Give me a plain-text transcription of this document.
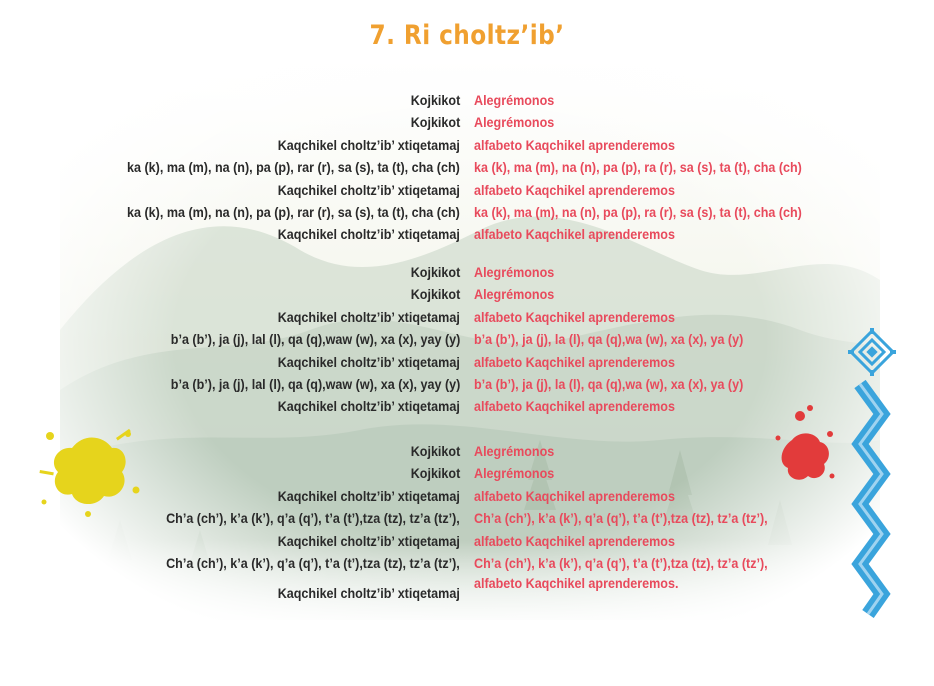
7. Ri choltz’ib’
Kojkikot Alegrémonos
Kojkikot Alegrémonos
Kaqchikel choltz’ib’ xtiqetamaj alfabeto Kaqchikel aprenderemos
ka (k), ma (m), na (n), pa (p), rar (r), sa (s), ta (t), cha (ch) ka (k), ma (m), na (n), pa (p), ra (r), sa (s), ta (t), cha (ch)
Kaqchikel choltz’ib’ xtiqetamaj alfabeto Kaqchikel aprenderemos
ka (k), ma (m), na (n), pa (p), rar (r), sa (s), ta (t), cha (ch) ka (k), ma (m), na (n), pa (p), ra (r), sa (s), ta (t), cha (ch)
Kaqchikel choltz’ib’ xtiqetamaj alfabeto Kaqchikel aprenderemos
Kojkikot Alegrémonos
Kojkikot Alegrémonos
Kaqchikel choltz’ib’ xtiqetamaj alfabeto Kaqchikel aprenderemos
b’a (b’), ja (j), lal (l), qa (q),waw (w), xa (x), yay (y) b’a (b’), ja (j), la (l), qa (q),wa (w), xa (x), ya (y)
Kaqchikel choltz’ib’ xtiqetamaj alfabeto Kaqchikel aprenderemos
b’a (b’), ja (j), lal (l), qa (q),waw (w), xa (x), yay (y) b’a (b’), ja (j), la (l), qa (q),wa (w), xa (x), ya (y)
Kaqchikel choltz’ib’ xtiqetamaj alfabeto Kaqchikel aprenderemos
Kojkikot Alegrémonos
Kojkikot Alegrémonos
Kaqchikel choltz’ib’ xtiqetamaj alfabeto Kaqchikel aprenderemos
Ch’a (ch’), k’a (k’), q’a (q’), t’a (t’),tza (tz), tz’a (tz’), Ch’a (ch’), k’a (k’), q’a (q’), t’a (t’),tza (tz), tz’a (tz’),
Kaqchikel choltz’ib’ xtiqetamaj alfabeto Kaqchikel aprenderemos
Ch’a (ch’), k’a (k’), q’a (q’), t’a (t’),tza (tz), tz’a (tz’), Ch’a (ch’), k’a (k’), q’a (q’), t’a (t’),tza (tz), tz’a (tz’),
Kaqchikel choltz’ib’ xtiqetamaj
alfabeto Kaqchikel aprenderemos.
